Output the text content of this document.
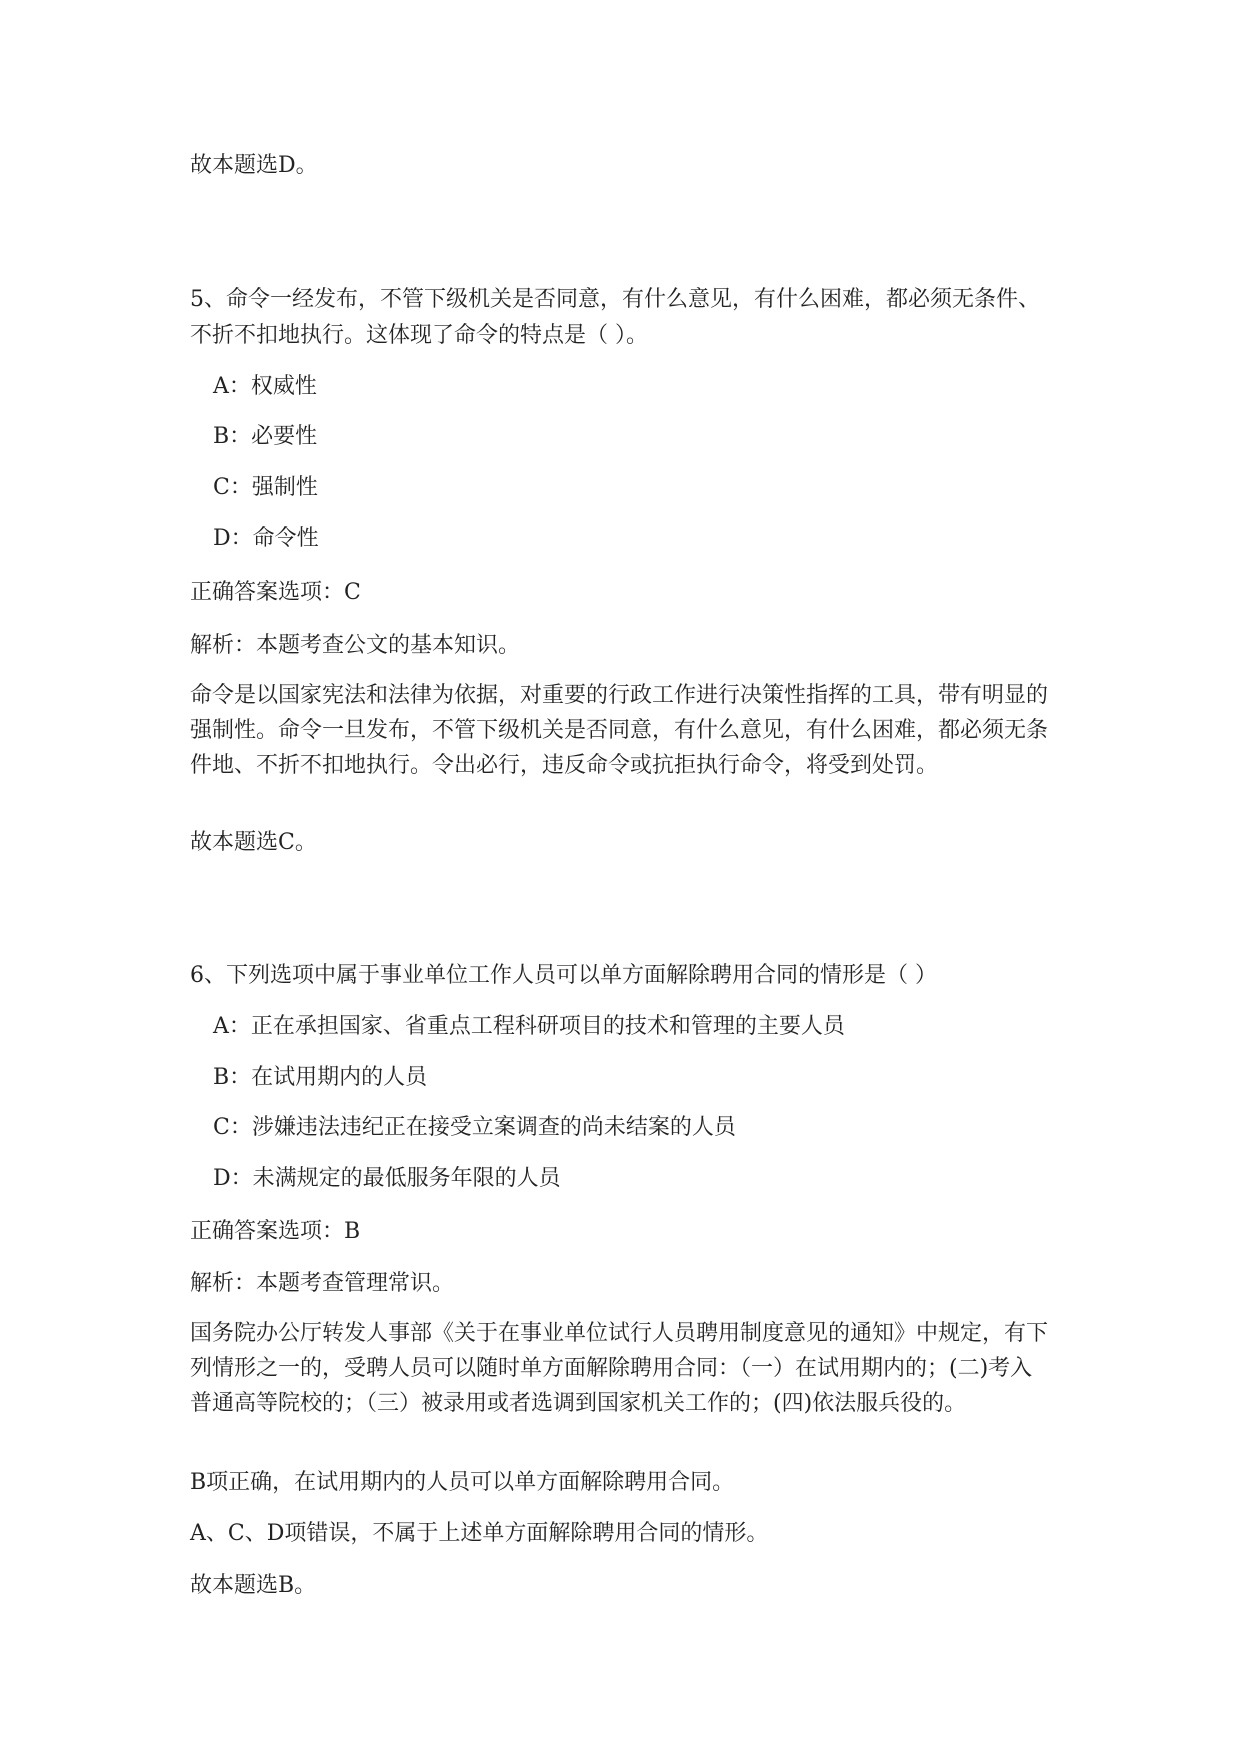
故本题选D。

5、命令一经发布，不管下级机关是否同意，有什么意见，有什么困难，都必须无条件、不折不扣地执行。这体现了命令的特点是（ ）。

A：权威性

B：必要性

C：强制性

D：命令性

正确答案选项：C

解析：本题考查公文的基本知识。

命令是以国家宪法和法律为依据，对重要的行政工作进行决策性指挥的工具，带有明显的强制性。命令一旦发布，不管下级机关是否同意，有什么意见，有什么困难，都必须无条件地、不折不扣地执行。令出必行，违反命令或抗拒执行命令，将受到处罚。

故本题选C。

6、下列选项中属于事业单位工作人员可以单方面解除聘用合同的情形是（ ）

A：正在承担国家、省重点工程科研项目的技术和管理的主要人员

B：在试用期内的人员

C：涉嫌违法违纪正在接受立案调查的尚未结案的人员

D：未满规定的最低服务年限的人员

正确答案选项：B

解析：本题考查管理常识。

国务院办公厅转发人事部《关于在事业单位试行人员聘用制度意见的通知》中规定，有下列情形之一的，受聘人员可以随时单方面解除聘用合同：（一）在试用期内的；(二)考入普通高等院校的；（三）被录用或者选调到国家机关工作的；(四)依法服兵役的。

B项正确，在试用期内的人员可以单方面解除聘用合同。

A、C、D项错误，不属于上述单方面解除聘用合同的情形。

故本题选B。
